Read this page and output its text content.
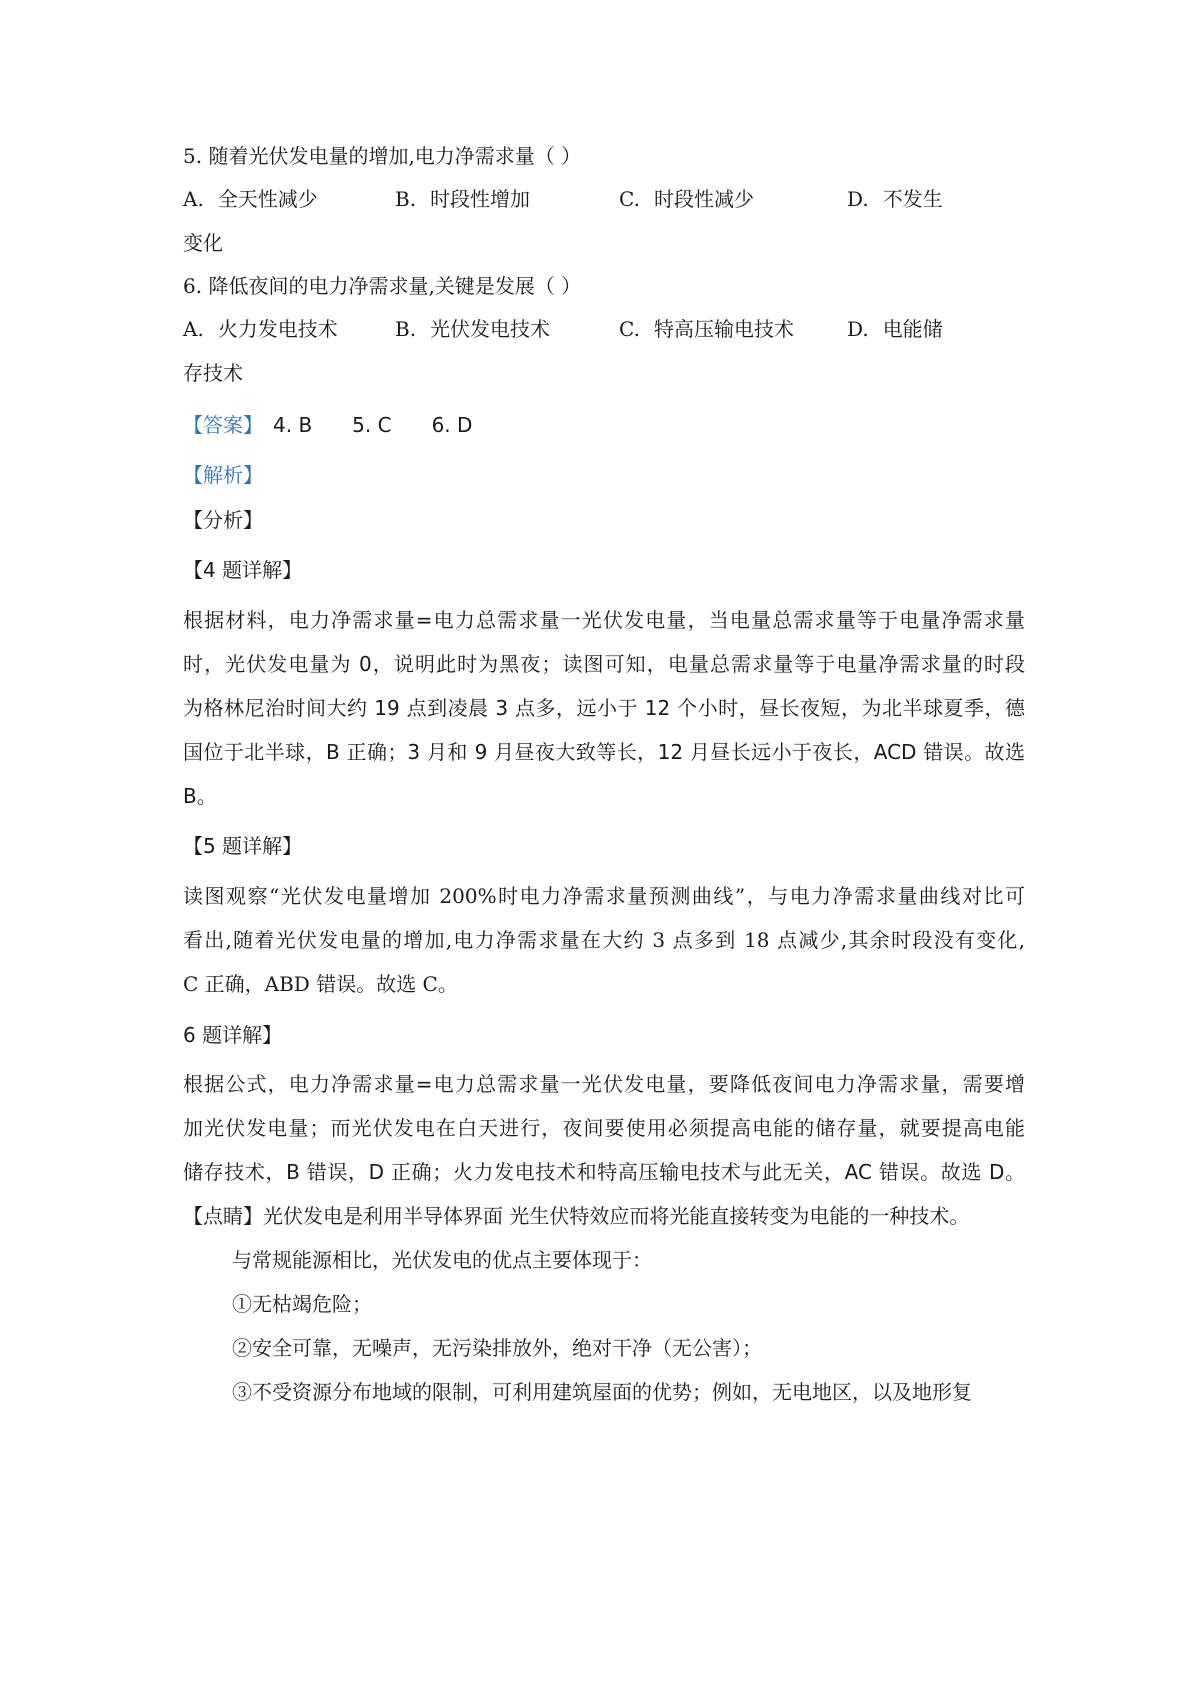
5. 随着光伏发电量的增加,电力净需求量（ ）
A. 全天性减少	B. 时段性增加	C. 时段性减少	D. 不发生
变化
6. 降低夜间的电力净需求量,关键是发展（ ）
A. 火力发电技术	B. 光伏发电技术	C. 特高压输电技术	D. 电能储
存技术
【答案】 4. B 5. C 6. D
【解析】
【分析】
【4 题详解】
根据材料，电力净需求量=电力总需求量一光伏发电量，当电量总需求量等于电量净需求量
时，光伏发电量为 0，说明此时为黑夜；读图可知，电量总需求量等于电量净需求量的时段
为格林尼治时间大约 19 点到凌晨 3 点多，远小于 12 个小时，昼长夜短，为北半球夏季，德
国位于北半球，B 正确；3 月和 9 月昼夜大致等长，12 月昼长远小于夜长，ACD 错误。故选
B。
【5 题详解】
读图观察“光伏发电量增加 200%时电力净需求量预测曲线”，与电力净需求量曲线对比可
看出,随着光伏发电量的增加,电力净需求量在大约 3 点多到 18 点减少,其余时段没有变化,
C 正确，ABD 错误。故选 C。
6 题详解】
根据公式，电力净需求量=电力总需求量一光伏发电量，要降低夜间电力净需求量，需要增
加光伏发电量；而光伏发电在白天进行，夜间要使用必须提高电能的储存量，就要提高电能
储存技术，B 错误，D 正确；火力发电技术和特高压输电技术与此无关，AC 错误。故选 D。
【点睛】光伏发电是利用半导体界面 光生伏特效应而将光能直接转变为电能的一种技术。
与常规能源相比，光伏发电的优点主要体现于：
①无枯竭危险；
②安全可靠，无噪声，无污染排放外，绝对干净（无公害）；
③不受资源分布地域的限制，可利用建筑屋面的优势；例如，无电地区，以及地形复
